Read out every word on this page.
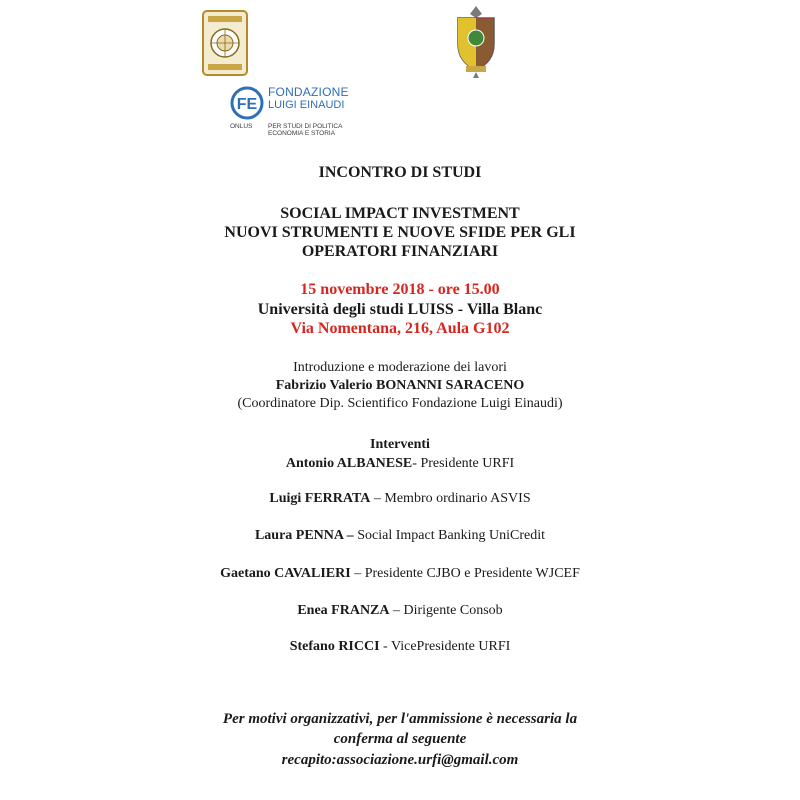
FE
FONDAZIONE
LUIGI EINAUDI
ONLUS PER STUDI DI POLITICA
ECONOMIA E STORIA
INCONTRO DI STUDI
SOCIAL IMPACT INVESTMENT
NUOVI STRUMENTI E NUOVE SFIDE PER GLI
OPERATORI FINANZIARI
15 novembre 2018 - ore 15.00
Università degli studi LUISS - Villa Blanc
Via Nomentana, 216, Aula G102
Introduzione e moderazione dei lavori
Fabrizio Valerio BONANNI SARACENO
(Coordinatore Dip. Scientifico Fondazione Luigi Einaudi)
Interventi
Antonio ALBANESE- Presidente URFI
Luigi FERRATA – Membro ordinario ASVIS
Laura PENNA – Social Impact Banking UniCredit
Gaetano CAVALIERI – Presidente CJBO e Presidente WJCEF
Enea FRANZA – Dirigente Consob
Stefano RICCI - VicePresidente URFI
Per motivi organizzativi, per l'ammissione è necessaria la
conferma al seguente
recapito:associazione.urfi@gmail.com
